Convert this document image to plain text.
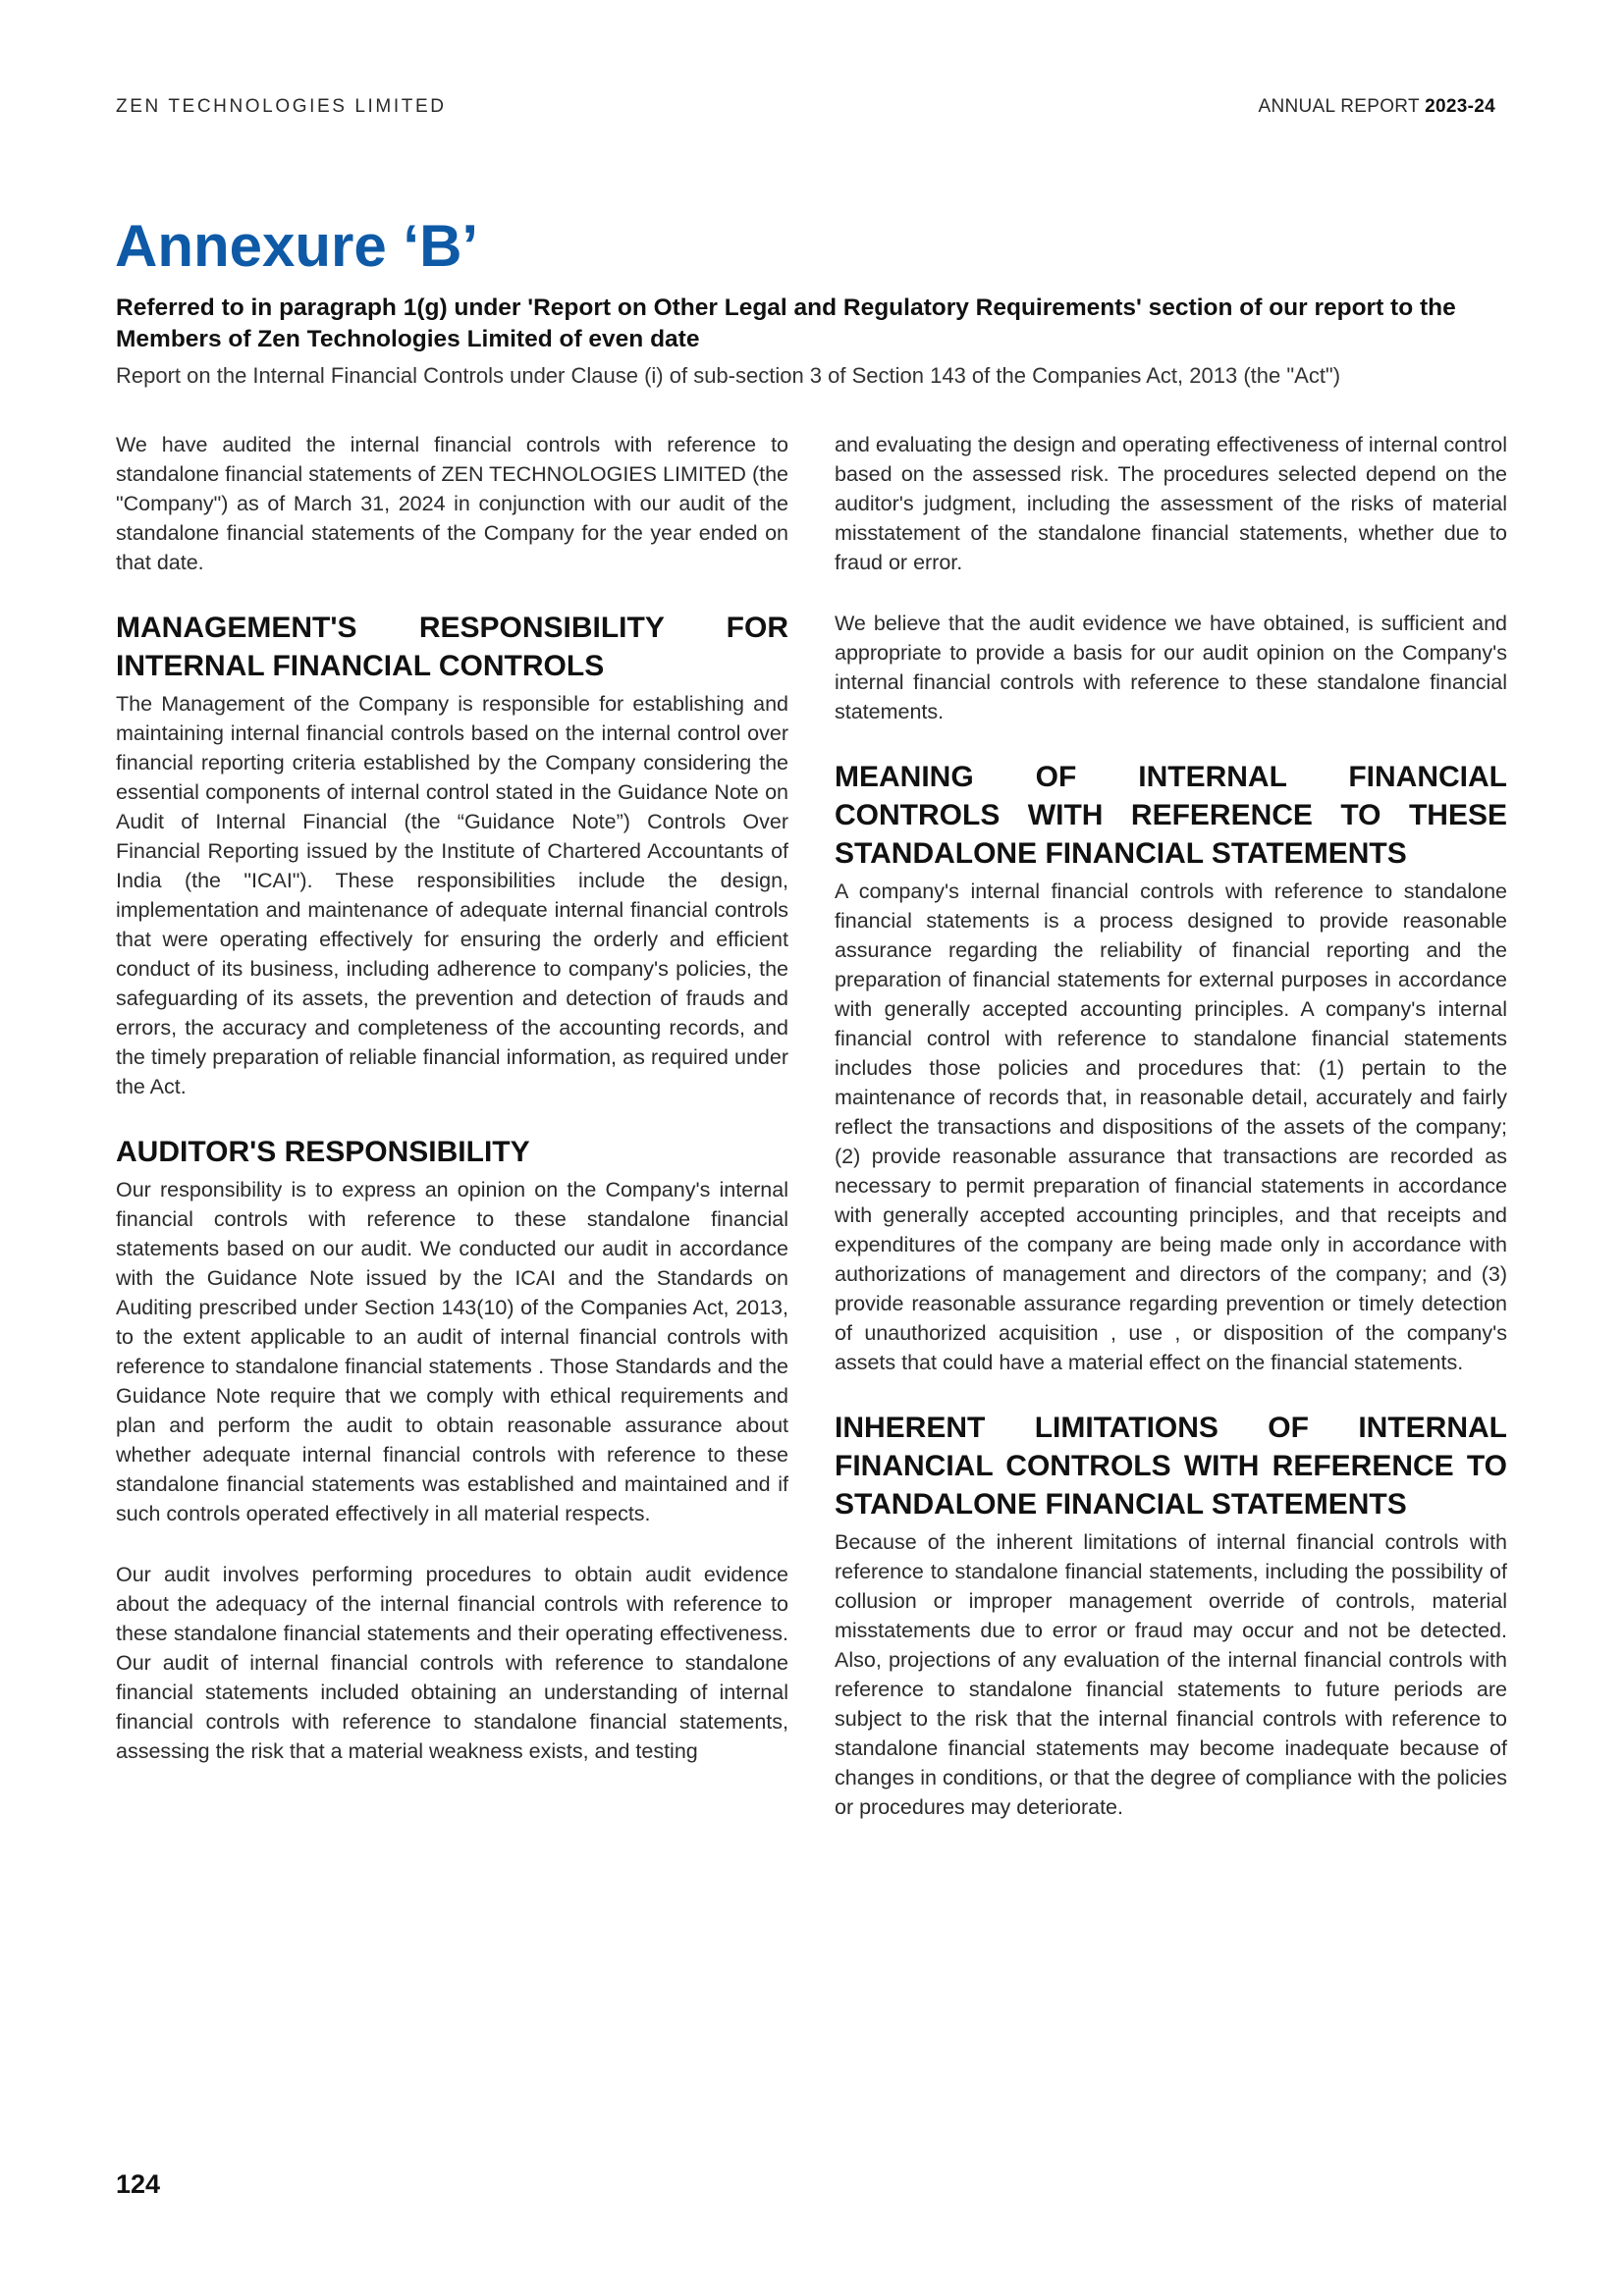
ZEN TECHNOLOGIES LIMITED	ANNUAL REPORT 2023-24
Annexure ‘B’

Referred to in paragraph 1(g) under 'Report on Other Legal and Regulatory Requirements' section of our report to the Members of Zen Technologies Limited of even date

Report on the Internal Financial Controls under Clause (i) of sub-section 3 of Section 143 of the Companies Act, 2013 (the "Act")

We have audited the internal financial controls with reference to standalone financial statements of ZEN TECHNOLOGIES LIMITED (the "Company") as of March 31, 2024 in conjunction with our audit of the standalone financial statements of the Company for the year ended on that date.

MANAGEMENT'S RESPONSIBILITY FOR
INTERNAL FINANCIAL CONTROLS

The Management of the Company is responsible for establishing and maintaining internal financial controls based on the internal control over financial reporting criteria established by the Company considering the essential components of internal control stated in the Guidance Note on Audit of Internal Financial (the “Guidance Note”) Controls Over Financial Reporting issued by the Institute of Chartered Accountants of India (the "ICAI"). These responsibilities include the design, implementation and maintenance of adequate internal financial controls that were operating effectively for ensuring the orderly and efficient conduct of its business, including adherence to company's policies, the safeguarding of its assets, the prevention and detection of frauds and errors, the accuracy and completeness of the accounting records, and the timely preparation of reliable financial information, as required under the Act.

AUDITOR'S RESPONSIBILITY

Our responsibility is to express an opinion on the Company's internal financial controls with reference to these standalone financial statements based on our audit. We conducted our audit in accordance with the Guidance Note issued by the ICAI and the Standards on Auditing prescribed under Section 143(10) of the Companies Act, 2013, to the extent applicable to an audit of internal financial controls with reference to standalone financial statements . Those Standards and the Guidance Note require that we comply with ethical requirements and plan and perform the audit to obtain reasonable assurance about whether adequate internal financial controls with reference to these standalone financial statements was established and maintained and if such controls operated effectively in all material respects.

Our audit involves performing procedures to obtain audit evidence about the adequacy of the internal financial controls with reference to these standalone financial statements and their operating effectiveness. Our audit of internal financial controls with reference to standalone financial statements included obtaining an understanding of internal financial controls with reference to standalone financial statements, assessing the risk that a material weakness exists, and testing

and evaluating the design and operating effectiveness of internal control based on the assessed risk. The procedures selected depend on the auditor's judgment, including the assessment of the risks of material misstatement of the standalone financial statements, whether due to fraud or error.

We believe that the audit evidence we have obtained, is sufficient and appropriate to provide a basis for our audit opinion on the Company's internal financial controls with reference to these standalone financial statements.

MEANING OF INTERNAL FINANCIAL CONTROLS WITH REFERENCE TO THESE STANDALONE FINANCIAL STATEMENTS

A company's internal financial controls with reference to standalone financial statements is a process designed to provide reasonable assurance regarding the reliability of financial reporting and the preparation of financial statements for external purposes in accordance with generally accepted accounting principles. A company's internal financial control with reference to standalone financial statements includes those policies and procedures that: (1) pertain to the maintenance of records that, in reasonable detail, accurately and fairly reflect the transactions and dispositions of the assets of the company; (2) provide reasonable assurance that transactions are recorded as necessary to permit preparation of financial statements in accordance with generally accepted accounting principles, and that receipts and expenditures of the company are being made only in accordance with authorizations of management and directors of the company; and (3) provide reasonable assurance regarding prevention or timely detection of unauthorized acquisition , use , or disposition of the company's assets that could have a material effect on the financial statements.

INHERENT LIMITATIONS OF INTERNAL FINANCIAL CONTROLS WITH REFERENCE TO STANDALONE FINANCIAL STATEMENTS

Because of the inherent limitations of internal financial controls with reference to standalone financial statements, including the possibility of collusion or improper management override of controls, material misstatements due to error or fraud may occur and not be detected. Also, projections of any evaluation of the internal financial controls with reference to standalone financial statements to future periods are subject to the risk that the internal financial controls with reference to standalone financial statements may become inadequate because of changes in conditions, or that the degree of compliance with the policies or procedures may deteriorate.

124
